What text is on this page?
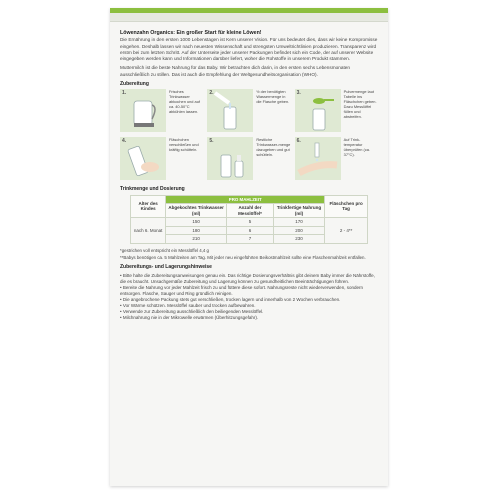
Löwenzahn Organics: Ein großer Start für kleine Löwen!
Die Ernährung in den ersten 1000 Lebenstagen ist Kern unserer Vision. Für uns bedeutet dies, dass wir keine Kompromisse eingehen. Deshalb lassen wir nach neuesten Wissenschaft und strengsten Umweltrichtlinien produzieren. Transparenz wird erstm bei zum letzten Schritt. Auf der Unterseite jeder unserer Packungen befindet sich ein Code, der auf unserer Website eingegeben werden kann und Informationen darüber liefert, woher die Rohstoffe in unserem Produkt stammen.
Muttermilch ist die beste Nahrung für das Baby. Wir betrachten dich darin, in den ersten sechs Lebensmonaten ausschließlich zu stillen. Das ist auch die Empfehlung der Weltgesundheitsorganisation (WHO).
Zubereitung
1.	Frisches Trinkwasser abkochen und auf ca. 40-50°C abkühlen lassen.
2.	½ der benötigten Wassermenge in die Flasche geben.
3.	Pulvermenge laut Tabelle ins Fläschchen geben. Dazu Messlöffel füllen und abstreifen.
4.	Fläschchen verschließen und kräftig schütteln.
5.	Restliche Trinkwasser-menge dazugeben und gut schütteln.
6.	Auf Trink-temperatur überprüfen (ca. 37°C).
Trinkmenge und Dosierung
Alter des Kindes	PRO MAHLZEIT			Fläschchen pro Tag
	Abgekochtes Trinkwasser (ml)	Anzahl der Messlöffel*	Trinkfertige Nahrung (ml)	
nach 6. Monat	150	5	170	2 - 4**
	180	6	200	
	210	7	230	
*gestrichen voll entspricht ein Messlöffel 4,4 g
**Babys benötigen ca. 5 Mahlzeiten am Tag. Mit jeder neu eingeführten Beikostmahlzeit sollte eine Flaschenmahlzeit entfallen.
Zubereitungs- und Lagerungshinweise
• Bitte halte die Zubereitungsanweisungen genau ein. Das richtige Dosierungsverhältnis gibt deinem Baby immer die Nährstoffe, die es braucht. Unsachgemäße Zubereitung und Lagerung können zu gesundheitlichen Beeinträchtigungen führen.
• Bereite die Nahrung vor jeder Mahlzeit frisch zu und füttere diese sofort. Nahrungsreste nicht wiederverwenden, sondern entsorgen. Flasche, Sauger und Ring gründlich reinigen.
• Die angebrochene Packung stets gut verschließen, trocken lagern und innerhalb von 2 Wochen verbrauchen.
• Vor Wärme schützen. Messlöffel sauber und trocken aufbewahren.
• Verwende zur Zubereitung ausschließlich den beiliegenden Messlöffel.
• Milchnahrung nie in der Mikrowelle erwärmen (Überhitzungsgefahr).
